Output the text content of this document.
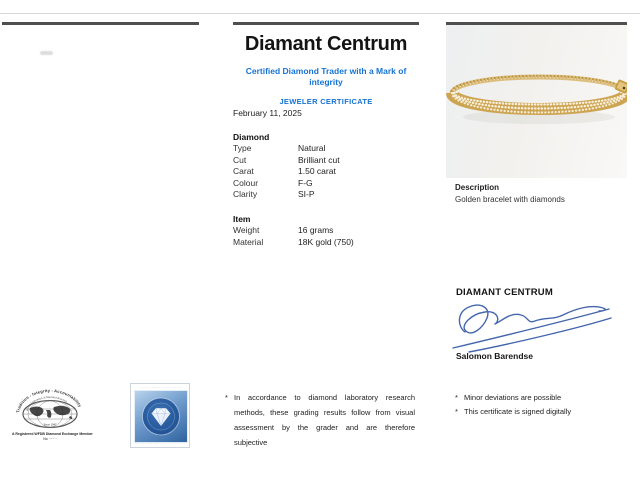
Diamant Centrum
Certified Diamond Trader with a Mark of integrity
JEWELER CERTIFICATE
February 11, 2025
Diamond
Type	Natural
Cut	Brilliant cut
Carat	1.50 carat
Colour	F-G
Clarity	SI-P
Item
Weight	16 grams
Material	18K gold (750)
Description
Golden bracelet with diamonds
DIAMANT CENTRUM
Salomon Barendse
* In accordance to diamond laboratory research methods, these grading results follow from visual assessment by the grader and are therefore subjective

* Minor deviations are possible
* This certificate is signed digitally
Tradition - Integrity - Accountability
World Federation of Diamond Bourses
Since 1947
A Registered WFDB Diamond Exchange Member
No ·······
·· ····· ··········· ·· ····· ···· ···
· · · · · · · · · · · · · · · · · · · · · · · · · · · ·
··· ···· ·············· ·· ··· ····· ·· ···
